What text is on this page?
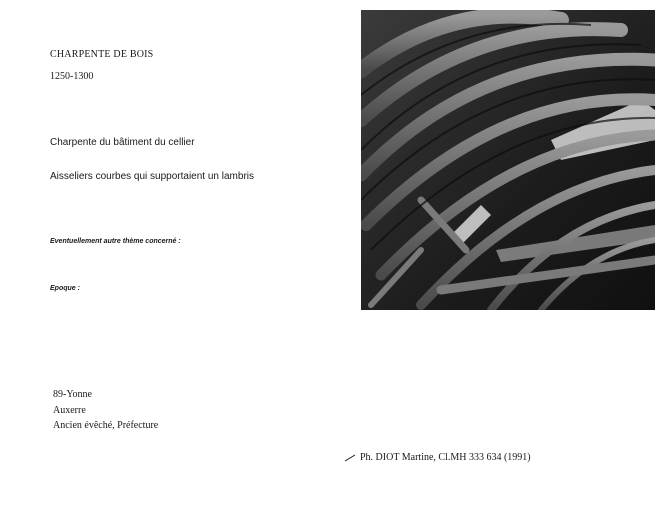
CHARPENTE DE BOIS
1250-1300
Charpente du bâtiment du cellier
Aisseliers courbes qui supportaient un lambris
Eventuellement autre thème concerné :
Epoque :
89-Yonne
Auxerre
Ancien évêché, Préfecture
Ph. DIOT Martine, Cl.MH 333 634 (1991)
